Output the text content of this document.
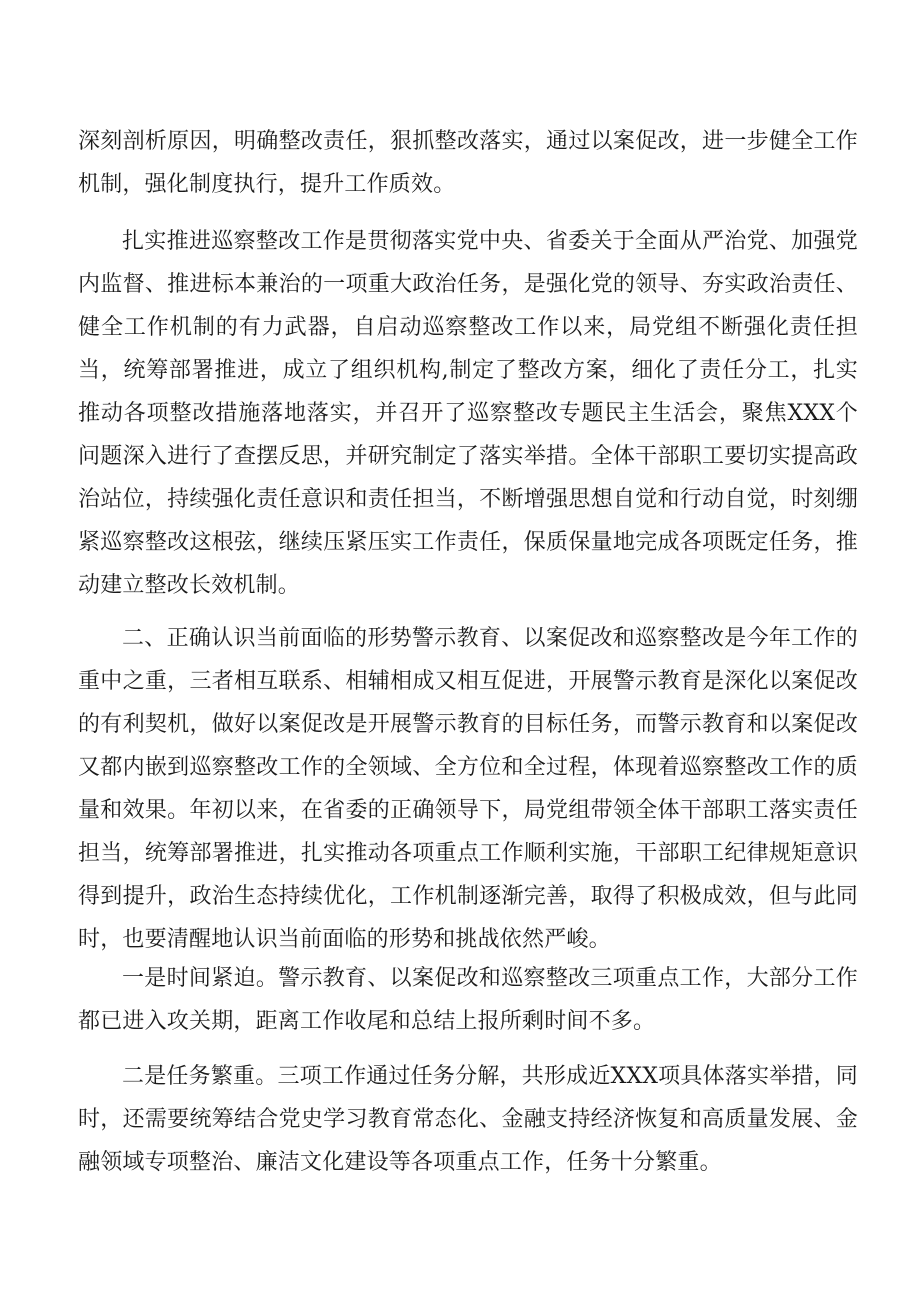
深刻剖析原因，明确整改责任，狠抓整改落实，通过以案促改，进一步健全工作机制，强化制度执行，提升工作质效。

扎实推进巡察整改工作是贯彻落实党中央、省委关于全面从严治党、加强党内监督、推进标本兼治的一项重大政治任务，是强化党的领导、夯实政治责任、健全工作机制的有力武器，自启动巡察整改工作以来，局党组不断强化责任担当，统筹部署推进，成立了组织机构,制定了整改方案，细化了责任分工，扎实推动各项整改措施落地落实，并召开了巡察整改专题民主生活会，聚焦XXX个问题深入进行了查摆反思，并研究制定了落实举措。全体干部职工要切实提高政治站位，持续强化责任意识和责任担当，不断增强思想自觉和行动自觉，时刻绷紧巡察整改这根弦，继续压紧压实工作责任，保质保量地完成各项既定任务，推动建立整改长效机制。

二、正确认识当前面临的形势警示教育、以案促改和巡察整改是今年工作的重中之重，三者相互联系、相辅相成又相互促进，开展警示教育是深化以案促改的有利契机，做好以案促改是开展警示教育的目标任务，而警示教育和以案促改又都内嵌到巡察整改工作的全领域、全方位和全过程，体现着巡察整改工作的质量和效果。年初以来，在省委的正确领导下，局党组带领全体干部职工落实责任担当，统筹部署推进，扎实推动各项重点工作顺利实施，干部职工纪律规矩意识得到提升，政治生态持续优化，工作机制逐渐完善，取得了积极成效，但与此同时，也要清醒地认识当前面临的形势和挑战依然严峻。

一是时间紧迫。警示教育、以案促改和巡察整改三项重点工作，大部分工作都已进入攻关期，距离工作收尾和总结上报所剩时间不多。

二是任务繁重。三项工作通过任务分解，共形成近XXX项具体落实举措，同时，还需要统筹结合党史学习教育常态化、金融支持经济恢复和高质量发展、金融领域专项整治、廉洁文化建设等各项重点工作，任务十分繁重。
